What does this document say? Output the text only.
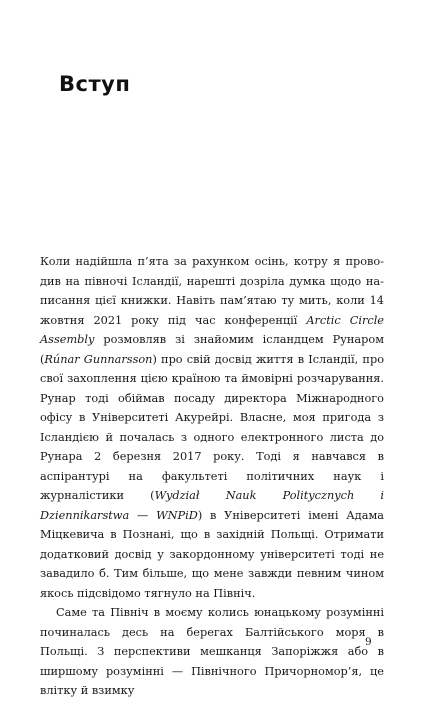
Вступ

Коли надійшла п’ята за рахунком осінь, котру я проводив на півночі Ісландії, нарешті дозріла думка щодо написання цієї книжки. Навіть пам’ятаю ту мить, коли 14 жовтня 2021 року під час конференції Arctic Circle Assembly розмовляв зі знайомим ісландцем Рунаром (Rúnar Gunnarsson) про свій досвід життя в Ісландії, про свої захоплення цією країною та ймовірні розчарування. Рунар тоді обіймав посаду директора Міжнародного офісу в Університеті Акурейрі. Власне, моя пригода з Ісландією й почалась з одного електронного листа до Рунара 2 березня 2017 року. Тоді я навчався в аспірантурі на факультеті політичних наук і журналістики (Wydział Nauk Politycznych i Dziennikarstwa — WNPiD) в Університеті імені Адама Міцкевича в Познані, що в західній Польщі. Отримати додатковий досвід у закордонному університеті тоді не завадило б. Тим більше, що мене завжди певним чином якось підсвідомо тягнуло на Північ.

Саме та Північ в моєму колись юнацькому розумінні починалась десь на берегах Балтійського моря в Польщі. З перспективи мешканця Запоріжжя або в ширшому розумінні — Північного Причорномор’я, це влітку й взимку

9
